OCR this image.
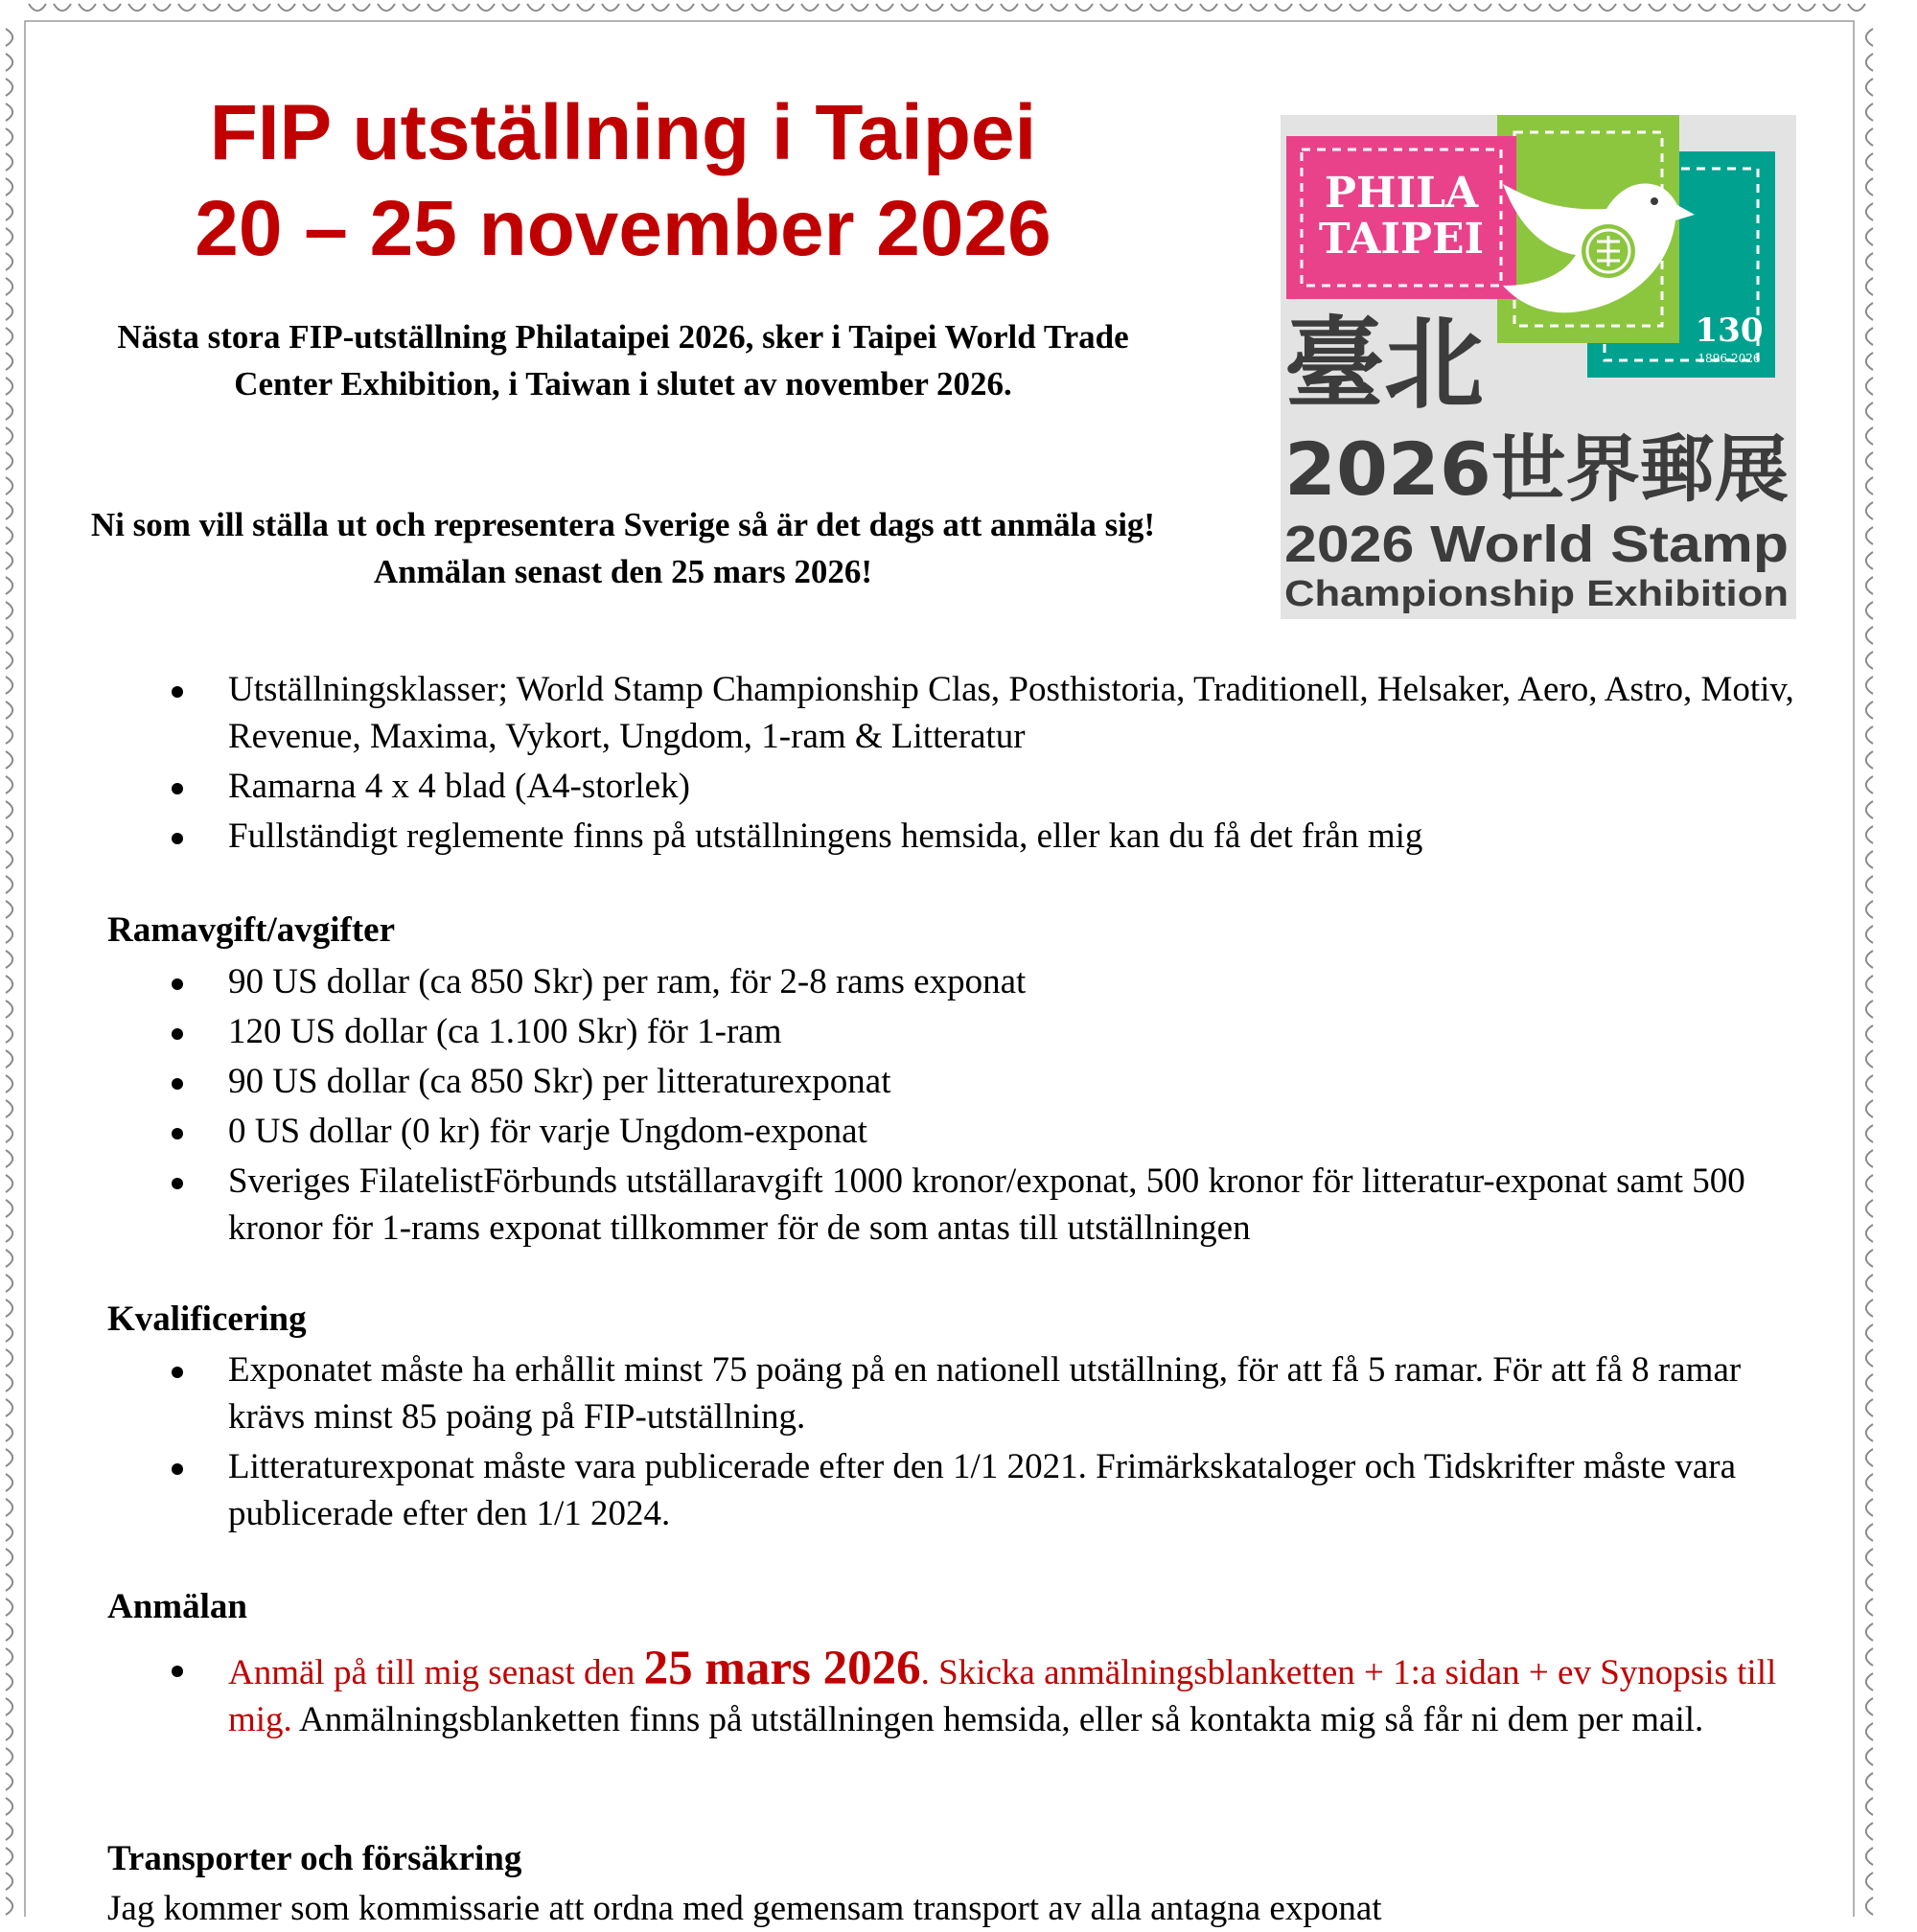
FIP utställning i Taipei
20 – 25 november 2026

Nästa stora FIP-utställning Philataipei 2026, sker i Taipei World Trade Center Exhibition, i Taiwan i slutet av november 2026.

Ni som vill ställa ut och representera Sverige så är det dags att anmäla sig! Anmälan senast den 25 mars 2026!

130
1896-2026
PHILA
TAIPEI
臺北
2026世界郵展
2026 World Stamp
Championship Exhibition
Utställningsklasser; World Stamp Championship Clas, Posthistoria, Traditionell, Helsaker, Aero, Astro, Motiv, Revenue, Maxima, Vykort, Ungdom, 1-ram & Litteratur
Ramarna 4 x 4 blad (A4-storlek)
Fullständigt reglemente finns på utställningens hemsida, eller kan du få det från mig
Ramavgift/avgifter
90 US dollar (ca 850 Skr) per ram, för 2-8 rams exponat
120 US dollar (ca 1.100 Skr) för 1-ram
90 US dollar (ca 850 Skr) per litteraturexponat
0 US dollar (0 kr) för varje Ungdom-exponat
Sveriges FilatelistFörbunds utställaravgift 1000 kronor/exponat, 500 kronor för litteratur-exponat samt 500 kronor för 1-rams exponat tillkommer för de som antas till utställningen
Kvalificering
Exponatet måste ha erhållit minst 75 poäng på en nationell utställning, för att få 5 ramar. För att få 8 ramar krävs minst 85 poäng på FIP-utställning.
Litteraturexponat måste vara publicerade efter den 1/1 2021. Frimärkskataloger och Tidskrifter måste vara publicerade efter den 1/1 2024.
Anmälan
Anmäl på till mig senast den 25 mars 2026. Skicka anmälningsblanketten + 1:a sidan + ev Synopsis till mig. Anmälningsblanketten finns på utställningen hemsida, eller så kontakta mig så får ni dem per mail.
Transporter och försäkring

Jag kommer som kommissarie att ordna med gemensam transport av alla antagna exponat
